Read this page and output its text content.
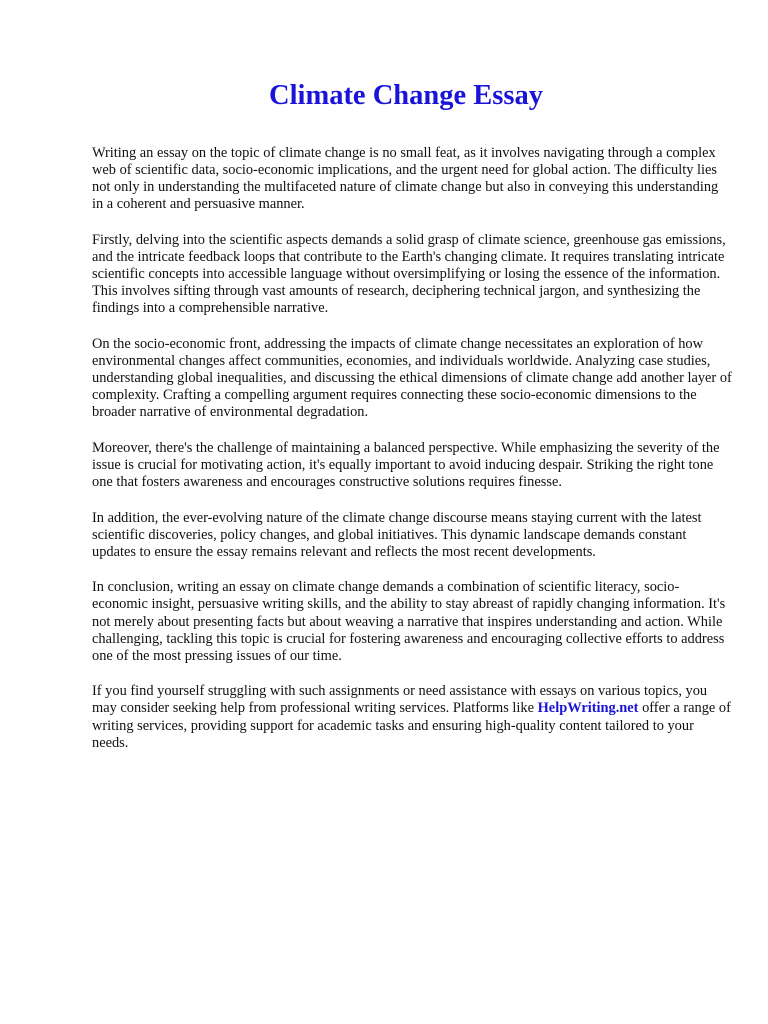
Climate Change Essay

Writing an essay on the topic of climate change is no small feat, as it involves navigating through a complex web of scientific data, socio-economic implications, and the urgent need for global action. The difficulty lies not only in understanding the multifaceted nature of climate change but also in conveying this understanding in a coherent and persuasive manner.

Firstly, delving into the scientific aspects demands a solid grasp of climate science, greenhouse gas emissions, and the intricate feedback loops that contribute to the Earth's changing climate. It requires translating intricate scientific concepts into accessible language without oversimplifying or losing the essence of the information. This involves sifting through vast amounts of research, deciphering technical jargon, and synthesizing the findings into a comprehensible narrative.

On the socio-economic front, addressing the impacts of climate change necessitates an exploration of how environmental changes affect communities, economies, and individuals worldwide. Analyzing case studies, understanding global inequalities, and discussing the ethical dimensions of climate change add another layer of complexity. Crafting a compelling argument requires connecting these socio-economic dimensions to the broader narrative of environmental degradation.

Moreover, there's the challenge of maintaining a balanced perspective. While emphasizing the severity of the issue is crucial for motivating action, it's equally important to avoid inducing despair. Striking the right tone one that fosters awareness and encourages constructive solutions requires finesse.

In addition, the ever-evolving nature of the climate change discourse means staying current with the latest scientific discoveries, policy changes, and global initiatives. This dynamic landscape demands constant updates to ensure the essay remains relevant and reflects the most recent developments.

In conclusion, writing an essay on climate change demands a combination of scientific literacy, socio-economic insight, persuasive writing skills, and the ability to stay abreast of rapidly changing information. It's not merely about presenting facts but about weaving a narrative that inspires understanding and action. While challenging, tackling this topic is crucial for fostering awareness and encouraging collective efforts to address one of the most pressing issues of our time.

If you find yourself struggling with such assignments or need assistance with essays on various topics, you may consider seeking help from professional writing services. Platforms like HelpWriting.net offer a range of writing services, providing support for academic tasks and ensuring high-quality content tailored to your needs.
